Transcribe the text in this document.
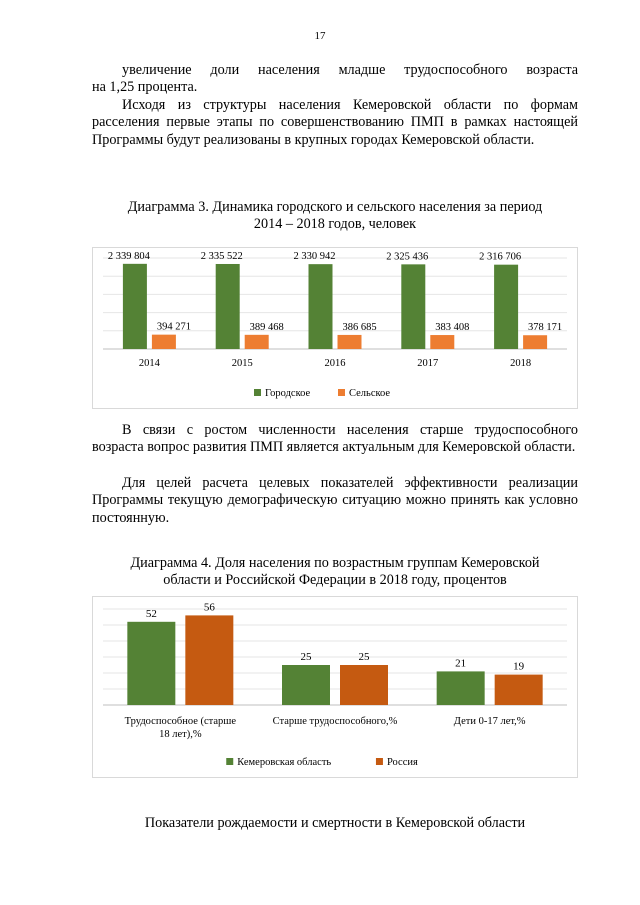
17
увеличение доли населения младше трудоспособного возраста
на 1,25 процента.
Исходя из структуры населения Кемеровской области по формам расселения первые этапы по совершенствованию ПМП в рамках настоящей Программы будут реализованы в крупных городах Кемеровской области.
Диаграмма 3. Динамика городского и сельского населения за период
2014 – 2018 годов, человек
2 339 804
394 271
2014
2 335 522
389 468
2015
2 330 942
386 685
2016
2 325 436
383 408
2017
2 316 706
378 171
2018
Городское	Сельское
В связи с ростом численности населения старше трудоспособного возраста вопрос развития ПМП является актуальным для Кемеровской области.
Для целей расчета целевых показателей эффективности реализации Программы текущую демографическую ситуацию можно принять как условно постоянную.
Диаграмма 4. Доля населения по возрастным группам Кемеровской
области и Российской Федерации в 2018 году, процентов
52
56
Трудоспособное (старше
18 лет),%
25	25
Старше трудоспособного,%
21	19
Дети 0-17 лет,%
Кемеровская область	Россия
Показатели рождаемости и смертности в Кемеровской области
